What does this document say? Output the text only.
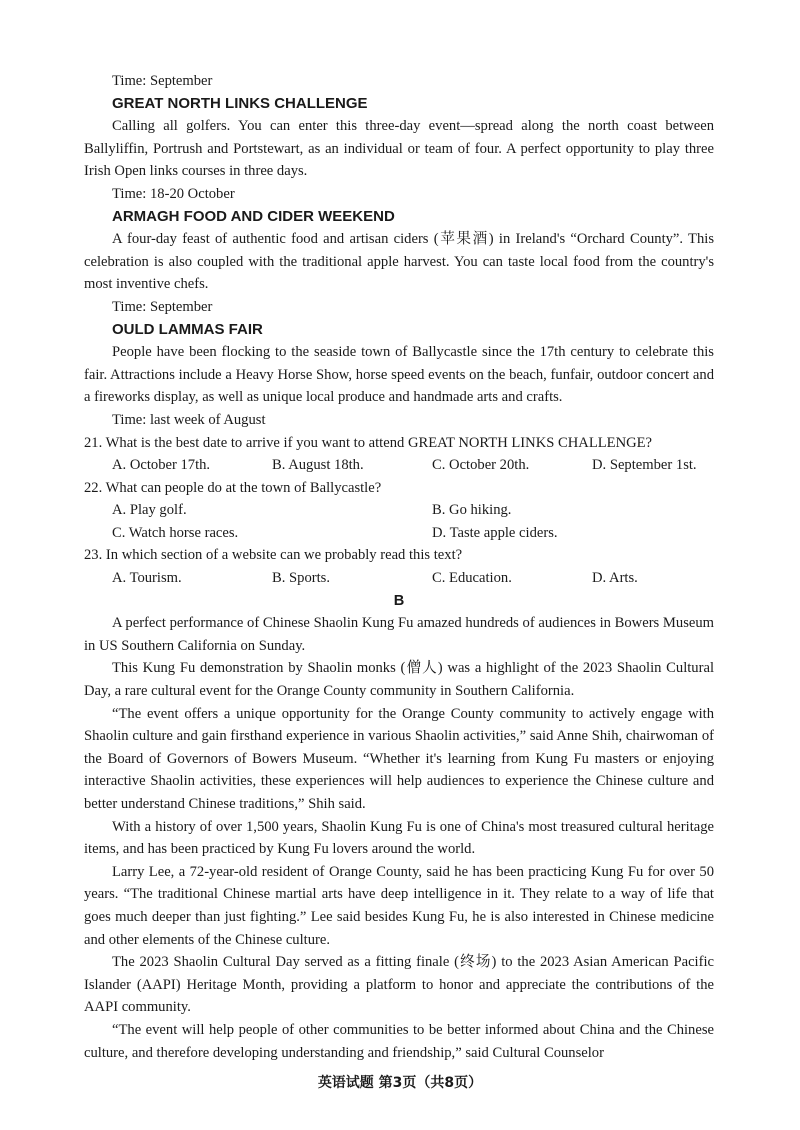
Time: September

GREAT NORTH LINKS CHALLENGE

Calling all golfers. You can enter this three-day event—spread along the north coast between Ballyliffin, Portrush and Portstewart, as an individual or team of four. A perfect opportunity to play three Irish Open links courses in three days.

Time: 18-20 October

ARMAGH FOOD AND CIDER WEEKEND

A four-day feast of authentic food and artisan ciders (苹果酒) in Ireland's “Orchard County”. This celebration is also coupled with the traditional apple harvest. You can taste local food from the country's most inventive chefs.

Time: September

OULD LAMMAS FAIR

People have been flocking to the seaside town of Ballycastle since the 17th century to celebrate this fair. Attractions include a Heavy Horse Show, horse speed events on the beach, funfair, outdoor concert and a fireworks display, as well as unique local produce and handmade arts and crafts.

Time: last week of August

21. What is the best date to arrive if you want to attend GREAT NORTH LINKS CHALLENGE?

A. October 17th.	B. August 18th.	C. October 20th.	D. September 1st.

22. What can people do at the town of Ballycastle?

A. Play golf.	B. Go hiking.
C. Watch horse races.	D. Taste apple ciders.

23. In which section of a website can we probably read this text?

A. Tourism.	B. Sports.	C. Education.	D. Arts.

B

A perfect performance of Chinese Shaolin Kung Fu amazed hundreds of audiences in Bowers Museum in US Southern California on Sunday.

This Kung Fu demonstration by Shaolin monks (僧人) was a highlight of the 2023 Shaolin Cultural Day, a rare cultural event for the Orange County community in Southern California.

“The event offers a unique opportunity for the Orange County community to actively engage with Shaolin culture and gain firsthand experience in various Shaolin activities,” said Anne Shih, chairwoman of the Board of Governors of Bowers Museum. “Whether it's learning from Kung Fu masters or enjoying interactive Shaolin activities, these experiences will help audiences to experience the Chinese culture and better understand Chinese traditions,” Shih said.

With a history of over 1,500 years, Shaolin Kung Fu is one of China's most treasured cultural heritage items, and has been practiced by Kung Fu lovers around the world.

Larry Lee, a 72-year-old resident of Orange County, said he has been practicing Kung Fu for over 50 years. “The traditional Chinese martial arts have deep intelligence in it. They relate to a way of life that goes much deeper than just fighting.” Lee said besides Kung Fu, he is also interested in Chinese medicine and other elements of the Chinese culture.

The 2023 Shaolin Cultural Day served as a fitting finale (终场) to the 2023 Asian American Pacific Islander (AAPI) Heritage Month, providing a platform to honor and appreciate the contributions of the AAPI community.

“The event will help people of other communities to be better informed about China and the Chinese culture, and therefore developing understanding and friendship,” said Cultural Counselor

英语试题 第3页（共8页）
